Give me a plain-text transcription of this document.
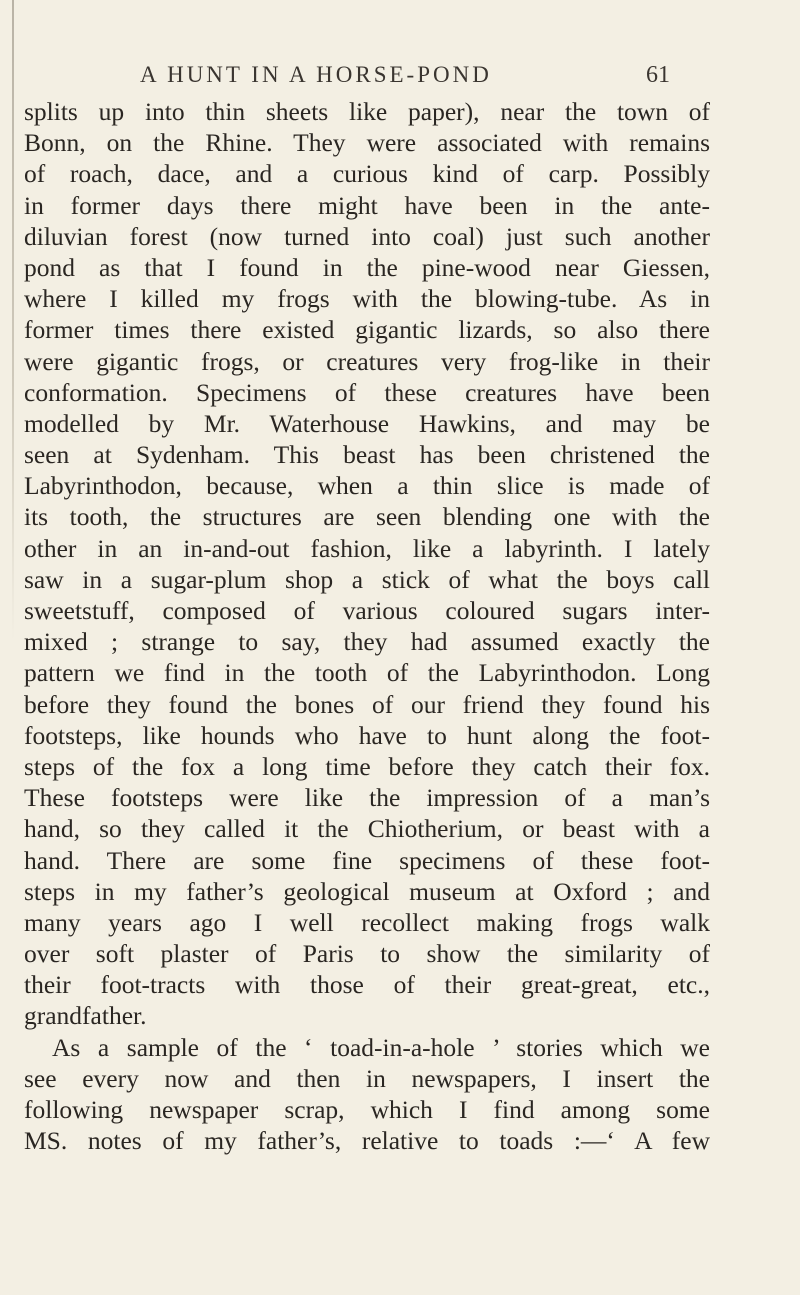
A HUNT IN A HORSE-POND	61
splits up into thin sheets like paper), near the town of
Bonn, on the Rhine. They were associated with remains
of roach, dace, and a curious kind of carp. Possibly
in former days there might have been in the ante-
diluvian forest (now turned into coal) just such another
pond as that I found in the pine-wood near Giessen,
where I killed my frogs with the blowing-tube. As in
former times there existed gigantic lizards, so also there
were gigantic frogs, or creatures very frog-like in their
conformation. Specimens of these creatures have been
modelled by Mr. Waterhouse Hawkins, and may be
seen at Sydenham. This beast has been christened the
Labyrinthodon, because, when a thin slice is made of
its tooth, the structures are seen blending one with the
other in an in-and-out fashion, like a labyrinth. I lately
saw in a sugar-plum shop a stick of what the boys call
sweetstuff, composed of various coloured sugars inter-
mixed ; strange to say, they had assumed exactly the
pattern we find in the tooth of the Labyrinthodon. Long
before they found the bones of our friend they found his
footsteps, like hounds who have to hunt along the foot-
steps of the fox a long time before they catch their fox.
These footsteps were like the impression of a man’s
hand, so they called it the Chiotherium, or beast with a
hand. There are some fine specimens of these foot-
steps in my father’s geological museum at Oxford ; and
many years ago I well recollect making frogs walk
over soft plaster of Paris to show the similarity of
their foot-tracts with those of their great-great, etc.,
grandfather.
As a sample of the ‘ toad-in-a-hole ’ stories which we
see every now and then in newspapers, I insert the
following newspaper scrap, which I find among some
MS. notes of my father’s, relative to toads :—‘ A few
